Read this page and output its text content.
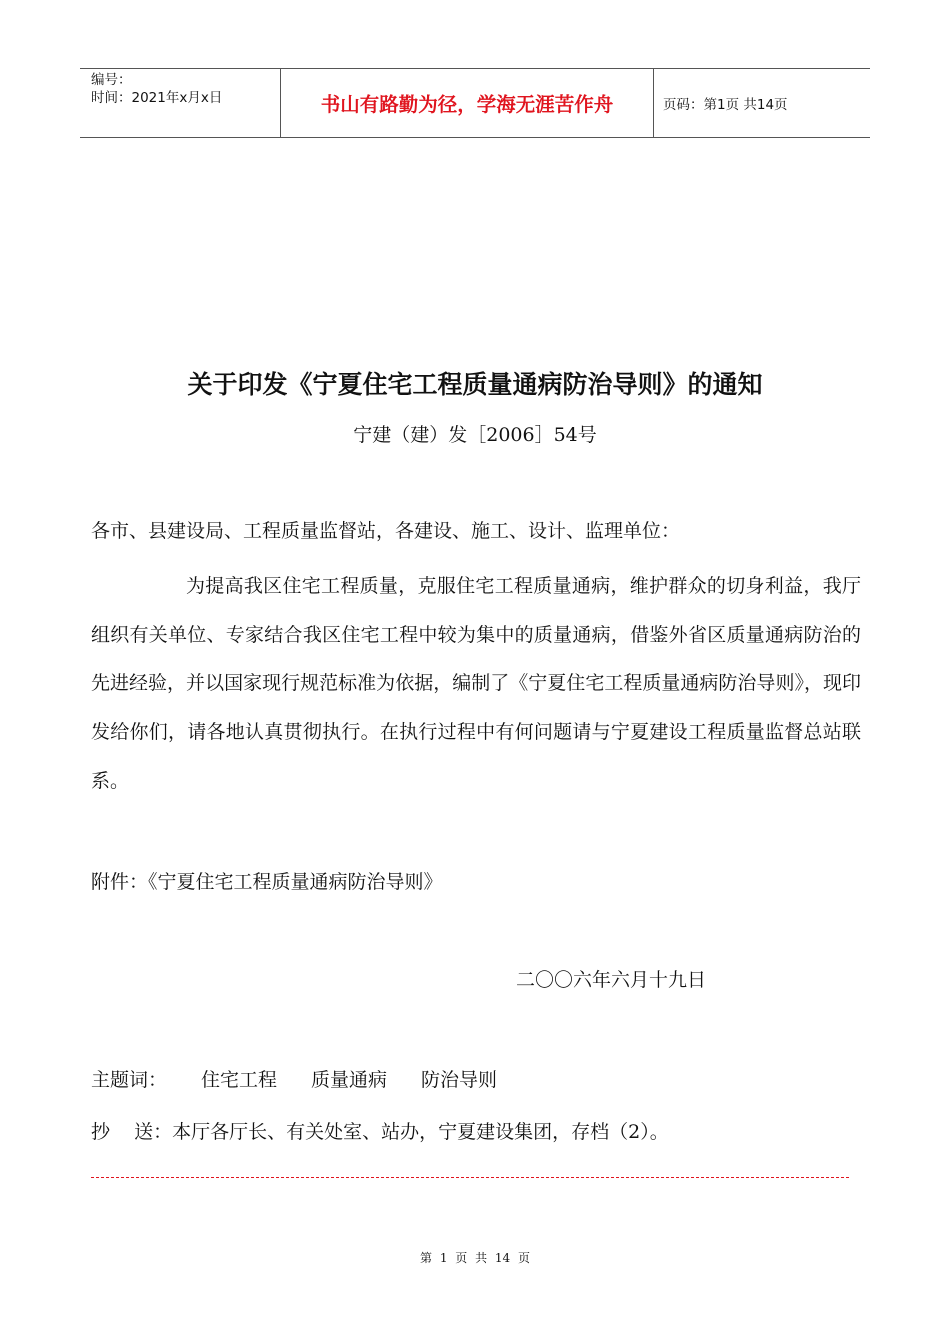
编号：
时间：2021年x月x日	书山有路勤为径，学海无涯苦作舟	页码：第1页 共14页
关于印发《宁夏住宅工程质量通病防治导则》的通知
宁建（建）发［2006］54号
各市、县建设局、工程质量监督站，各建设、施工、设计、监理单位：
为提高我区住宅工程质量，克服住宅工程质量通病，维护群众的切身利益，我厅组织有关单位、专家结合我区住宅工程中较为集中的质量通病，借鉴外省区质量通病防治的先进经验，并以国家现行规范标准为依据，编制了《宁夏住宅工程质量通病防治导则》，现印发给你们，请各地认真贯彻执行。在执行过程中有何问题请与宁夏建设工程质量监督总站联系。
附件：《宁夏住宅工程质量通病防治导则》
二〇〇六年六月十九日
主题词： 住宅工程 质量通病 防治导则
抄    送：本厅各厅长、有关处室、站办，宁夏建设集团，存档（2）。
第 1 页 共 14 页
